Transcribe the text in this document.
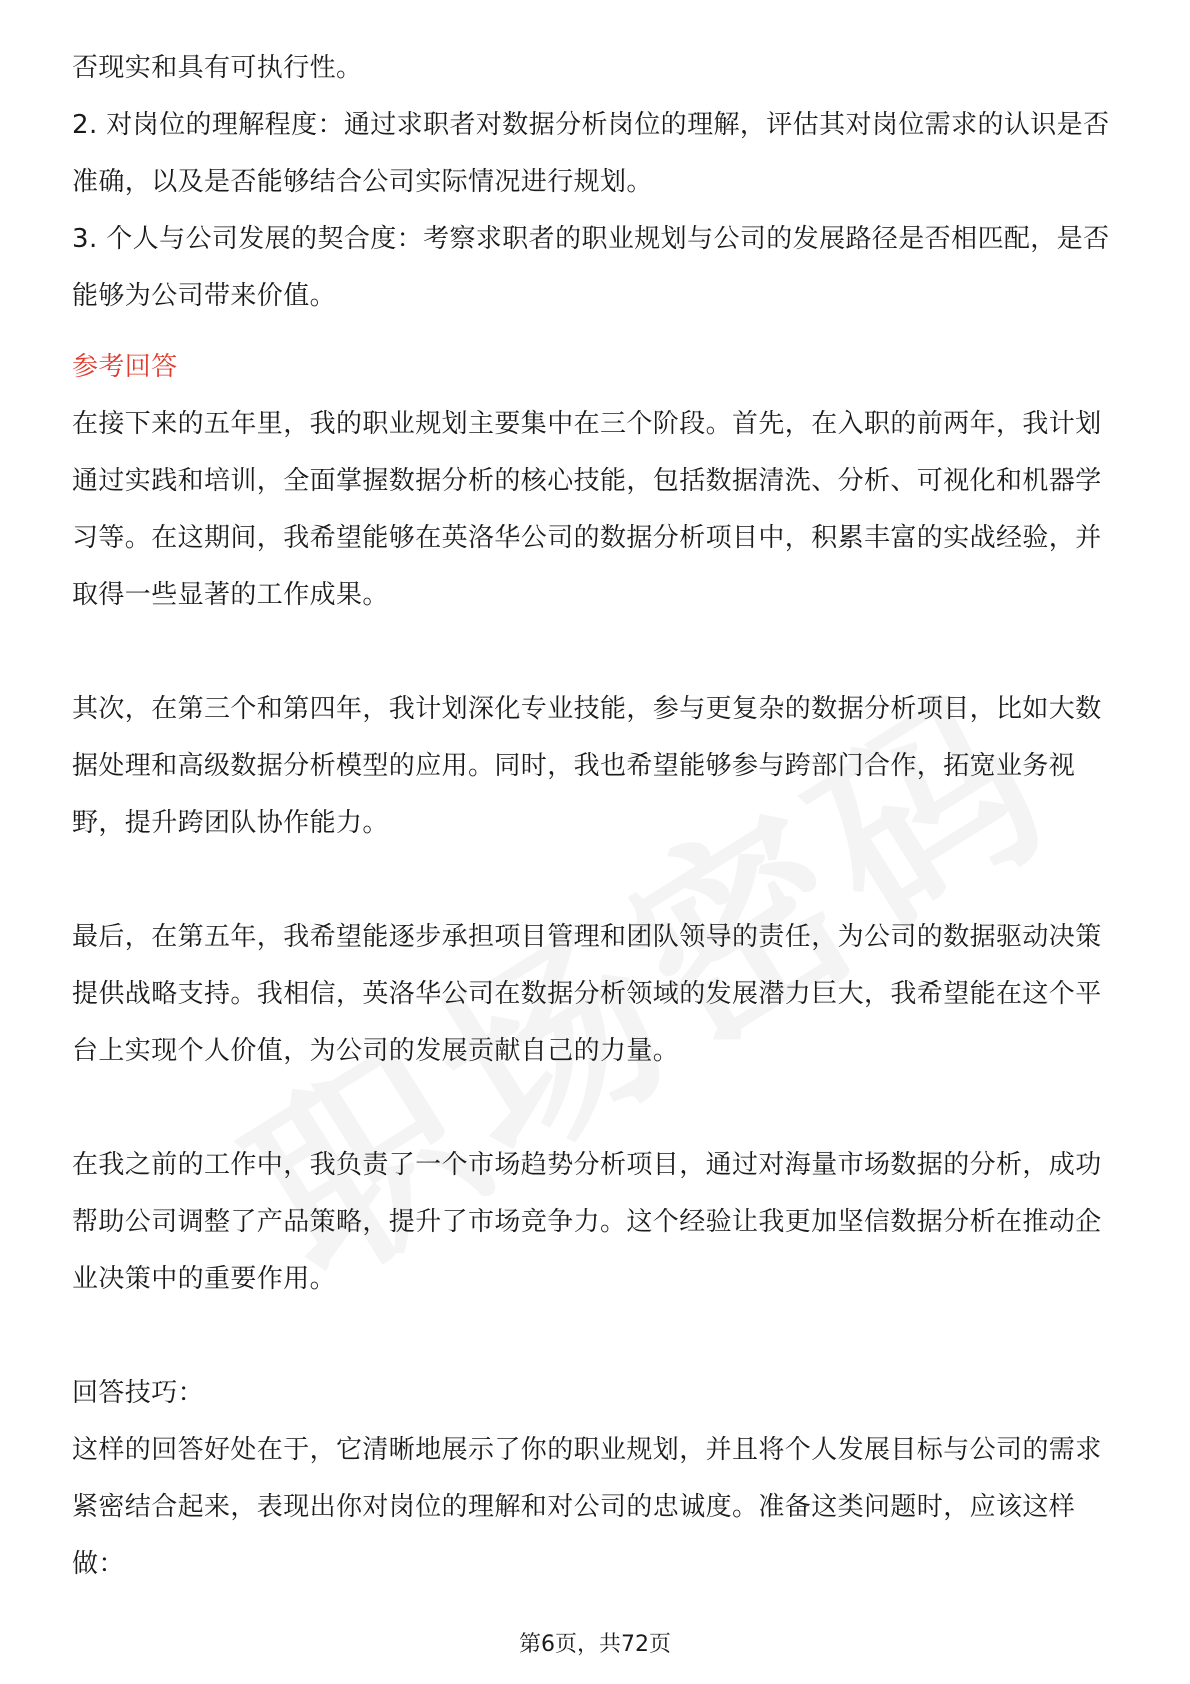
否现实和具有可执行性。

2. 对岗位的理解程度：通过求职者对数据分析岗位的理解，评估其对岗位需求的认识是否准确，以及是否能够结合公司实际情况进行规划。

3. 个人与公司发展的契合度：考察求职者的职业规划与公司的发展路径是否相匹配，是否能够为公司带来价值。

参考回答

在接下来的五年里，我的职业规划主要集中在三个阶段。首先，在入职的前两年，我计划通过实践和培训，全面掌握数据分析的核心技能，包括数据清洗、分析、可视化和机器学习等。在这期间，我希望能够在英洛华公司的数据分析项目中，积累丰富的实战经验，并取得一些显著的工作成果。

其次，在第三个和第四年，我计划深化专业技能，参与更复杂的数据分析项目，比如大数据处理和高级数据分析模型的应用。同时，我也希望能够参与跨部门合作，拓宽业务视野，提升跨团队协作能力。

最后，在第五年，我希望能逐步承担项目管理和团队领导的责任，为公司的数据驱动决策提供战略支持。我相信，英洛华公司在数据分析领域的发展潜力巨大，我希望能在这个平台上实现个人价值，为公司的发展贡献自己的力量。

在我之前的工作中，我负责了一个市场趋势分析项目，通过对海量市场数据的分析，成功帮助公司调整了产品策略，提升了市场竞争力。这个经验让我更加坚信数据分析在推动企业决策中的重要作用。

回答技巧：

这样的回答好处在于，它清晰地展示了你的职业规划，并且将个人发展目标与公司的需求紧密结合起来，表现出你对岗位的理解和对公司的忠诚度。准备这类问题时，应该这样做：

第6页，共72页
